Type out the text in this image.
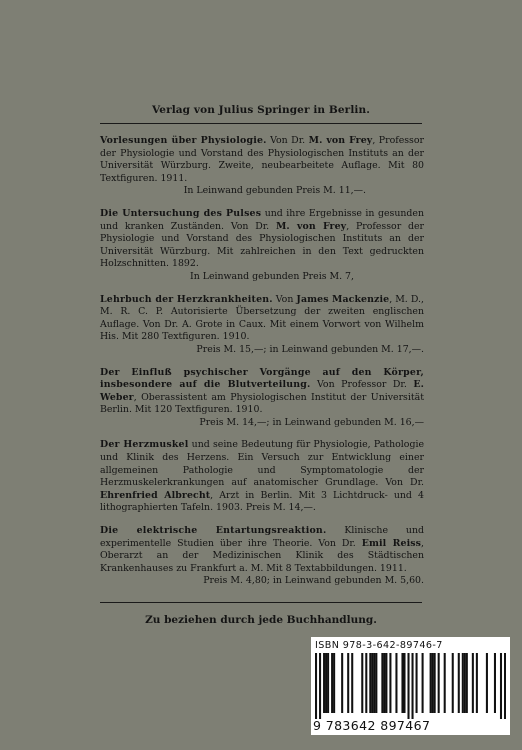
Verlag von Julius Springer in Berlin.
Vorlesungen über Physiologie. Von Dr. M. von Frey, Professor der Physiologie und Vorstand des Physiologischen Instituts an der Universität Würzburg. Zweite, neubearbeitete Auflage. Mit 80 Textfiguren. 1911.
In Leinwand gebunden Preis M. 11,—.
Die Untersuchung des Pulses und ihre Ergebnisse in gesunden und kranken Zuständen. Von Dr. M. von Frey, Professor der Physiologie und Vorstand des Physiologischen Instituts an der Universität Würzburg. Mit zahlreichen in den Text gedruckten Holzschnitten. 1892.
In Leinwand gebunden Preis M. 7,
Lehrbuch der Herzkrankheiten. Von James Mackenzie, M. D., M. R. C. P. Autorisierte Übersetzung der zweiten englischen Auflage. Von Dr. A. Grote in Caux. Mit einem Vorwort von Wilhelm His. Mit 280 Textfiguren. 1910.
Preis M. 15,—; in Leinwand gebunden M. 17,—.
Der Einfluß psychischer Vorgänge auf den Körper, insbesondere auf die Blutverteilung. Von Professor Dr. E. Weber, Oberassistent am Physiologischen Institut der Universität Berlin. Mit 120 Textfiguren. 1910.
Preis M. 14,—; in Leinwand gebunden M. 16,—
Der Herzmuskel und seine Bedeutung für Physiologie, Pathologie und Klinik des Herzens. Ein Versuch zur Entwicklung einer allgemeinen Pathologie und Symptomatologie der Herzmuskelerkrankungen auf anatomischer Grundlage. Von Dr. Ehrenfried Albrecht, Arzt in Berlin. Mit 3 Lichtdruck- und 4 lithographierten Tafeln. 1903. Preis M. 14,—.
Die elektrische Entartungsreaktion. Klinische und experimentelle Studien über ihre Theorie. Von Dr. Emil Reiss, Oberarzt an der Medizinischen Klinik des Städtischen Krankenhauses zu Frankfurt a. M. Mit 8 Textabbildungen. 1911.
Preis M. 4,80; in Leinwand gebunden M. 5,60.
Zu beziehen durch jede Buchhandlung.
ISBN 978-3-642-89746-7
9 783642 897467
